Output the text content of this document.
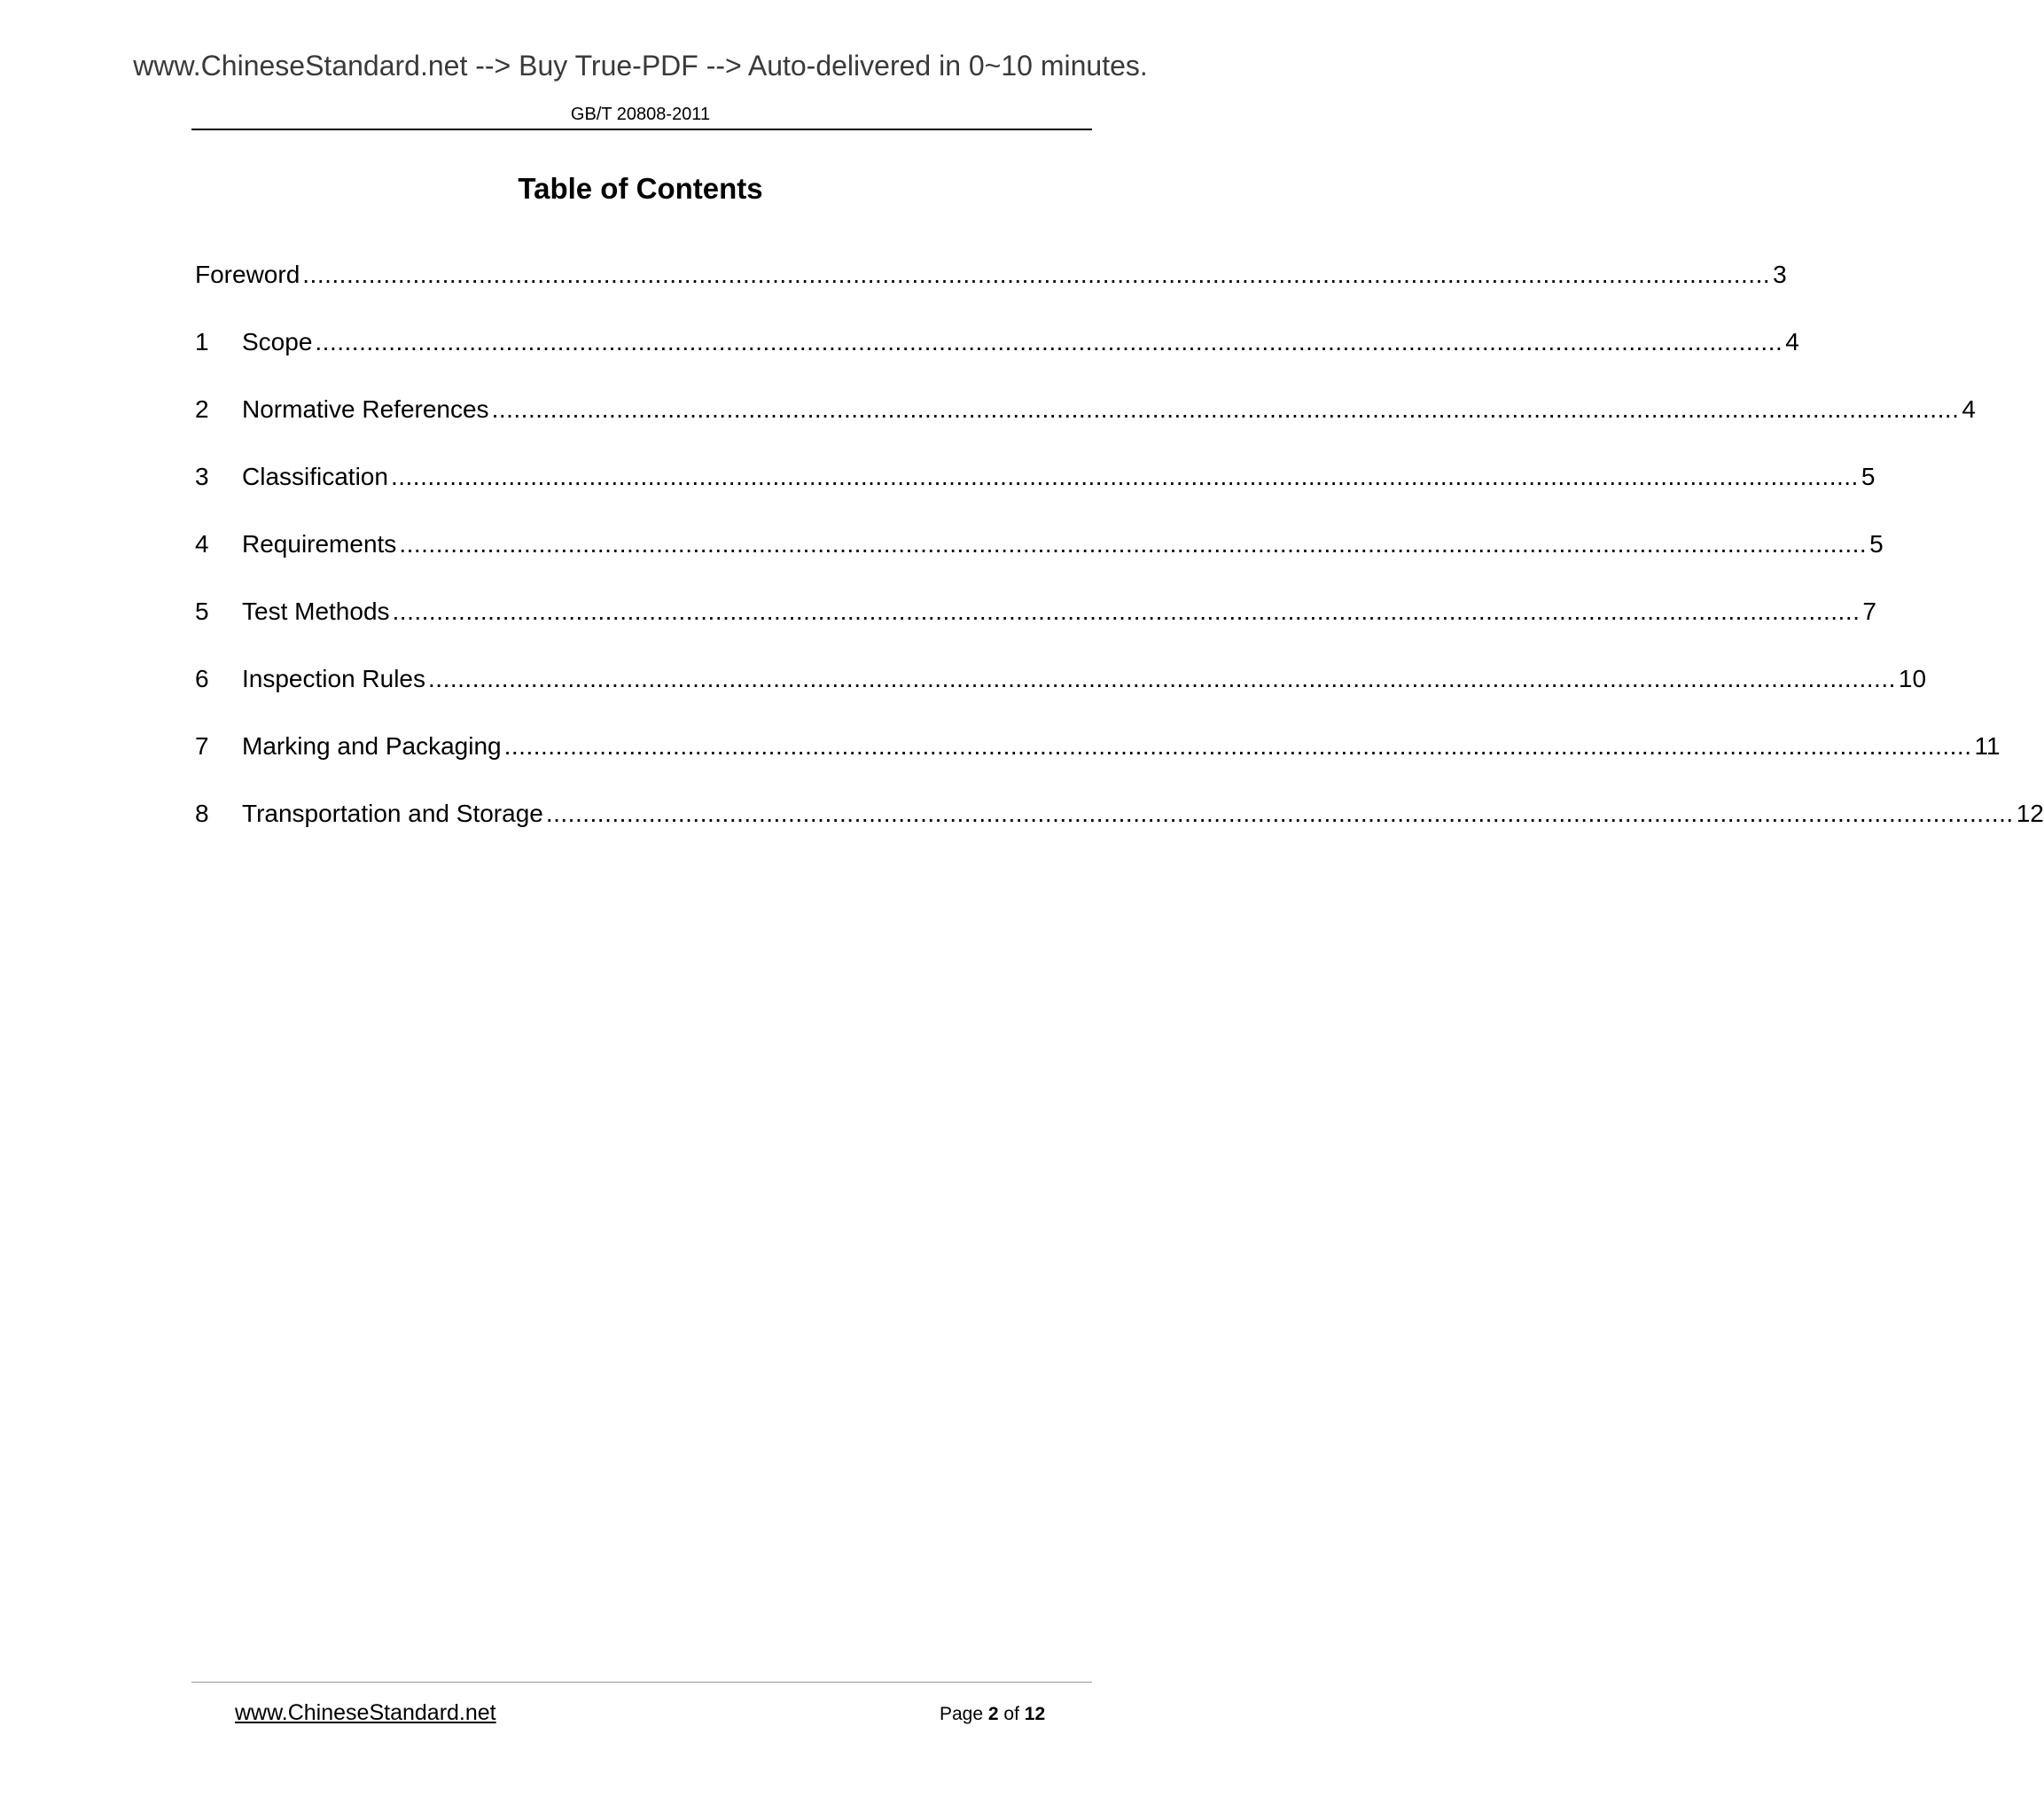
www.ChineseStandard.net --> Buy True-PDF --> Auto-delivered in 0~10 minutes.
GB/T 20808-2011
Table of Contents
Foreword ........................................................................................................................................................................................................ 3
1	Scope ........................................................................................................................................................................................................ 4
2	Normative References ........................................................................................................................................................................................................ 4
3	Classification ........................................................................................................................................................................................................ 5
4	Requirements ........................................................................................................................................................................................................ 5
5	Test Methods ........................................................................................................................................................................................................ 7
6	Inspection Rules ........................................................................................................................................................................................................ 10
7	Marking and Packaging ........................................................................................................................................................................................................ 11
8	Transportation and Storage ........................................................................................................................................................................................................ 12
www.ChineseStandard.net	Page 2 of 12
